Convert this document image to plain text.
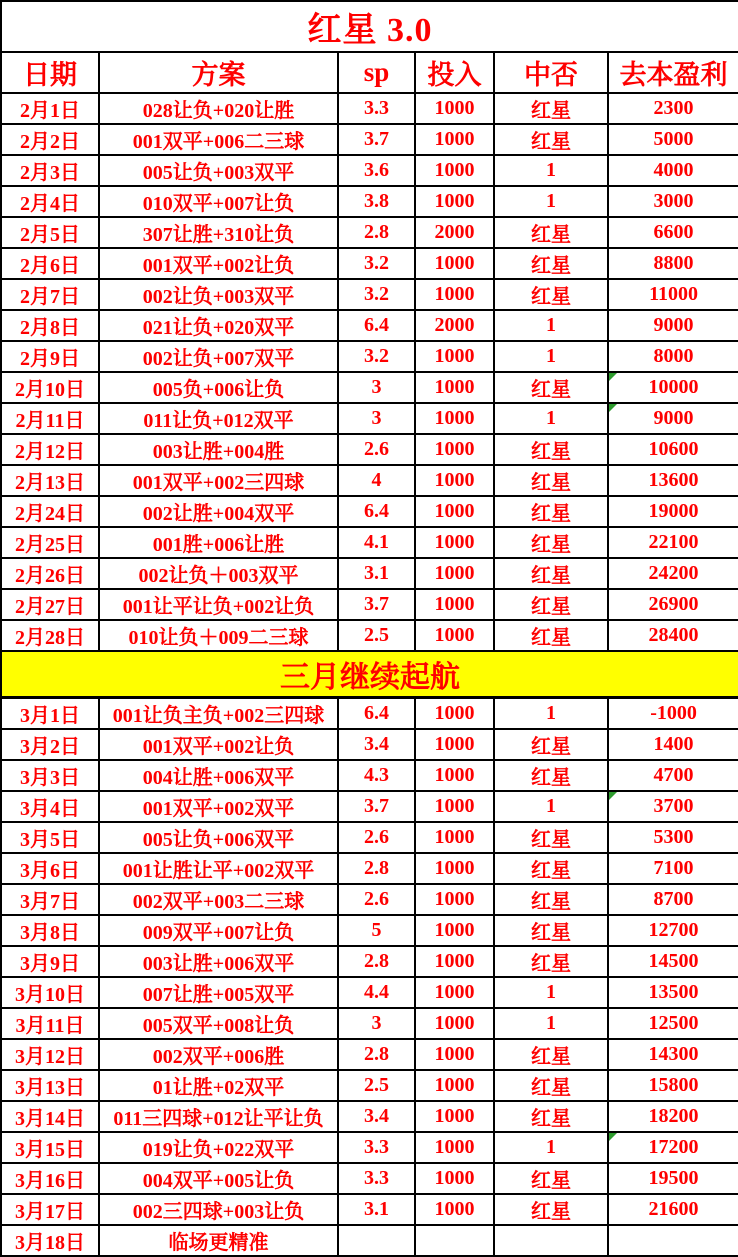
红星 3.0					
日期	方案	sp	投入	中否	去本盈利
2月1日	028让负+020让胜	3.3	1000	红星	2300
2月2日	001双平+006二三球	3.7	1000	红星	5000
2月3日	005让负+003双平	3.6	1000	1	4000
2月4日	010双平+007让负	3.8	1000	1	3000
2月5日	307让胜+310让负	2.8	2000	红星	6600
2月6日	001双平+002让负	3.2	1000	红星	8800
2月7日	002让负+003双平	3.2	1000	红星	11000
2月8日	021让负+020双平	6.4	2000	1	9000
2月9日	002让负+007双平	3.2	1000	1	8000
2月10日	005负+006让负	3	1000	红星	10000

2月11日	011让负+012双平	3	1000	1	9000

2月12日	003让胜+004胜	2.6	1000	红星	10600
2月13日	001双平+002三四球	4	1000	红星	13600
2月24日	002让胜+004双平	6.4	1000	红星	19000
2月25日	001胜+006让胜	4.1	1000	红星	22100
2月26日	002让负＋003双平	3.1	1000	红星	24200
2月27日	001让平让负+002让负	3.7	1000	红星	26900
2月28日	010让负＋009二三球	2.5	1000	红星	28400
三月继续起航					
3月1日	001让负主负+002三四球	6.4	1000	1	-1000
3月2日	001双平+002让负	3.4	1000	红星	1400
3月3日	004让胜+006双平	4.3	1000	红星	4700
3月4日	001双平+002双平	3.7	1000	1	3700

3月5日	005让负+006双平	2.6	1000	红星	5300
3月6日	001让胜让平+002双平	2.8	1000	红星	7100
3月7日	002双平+003二三球	2.6	1000	红星	8700
3月8日	009双平+007让负	5	1000	红星	12700
3月9日	003让胜+006双平	2.8	1000	红星	14500
3月10日	007让胜+005双平	4.4	1000	1	13500
3月11日	005双平+008让负	3	1000	1	12500
3月12日	002双平+006胜	2.8	1000	红星	14300
3月13日	01让胜+02双平	2.5	1000	红星	15800
3月14日	011三四球+012让平让负	3.4	1000	红星	18200
3月15日	019让负+022双平	3.3	1000	1	17200

3月16日	004双平+005让负	3.3	1000	红星	19500
3月17日	002三四球+003让负	3.1	1000	红星	21600
3月18日	临场更精准				
